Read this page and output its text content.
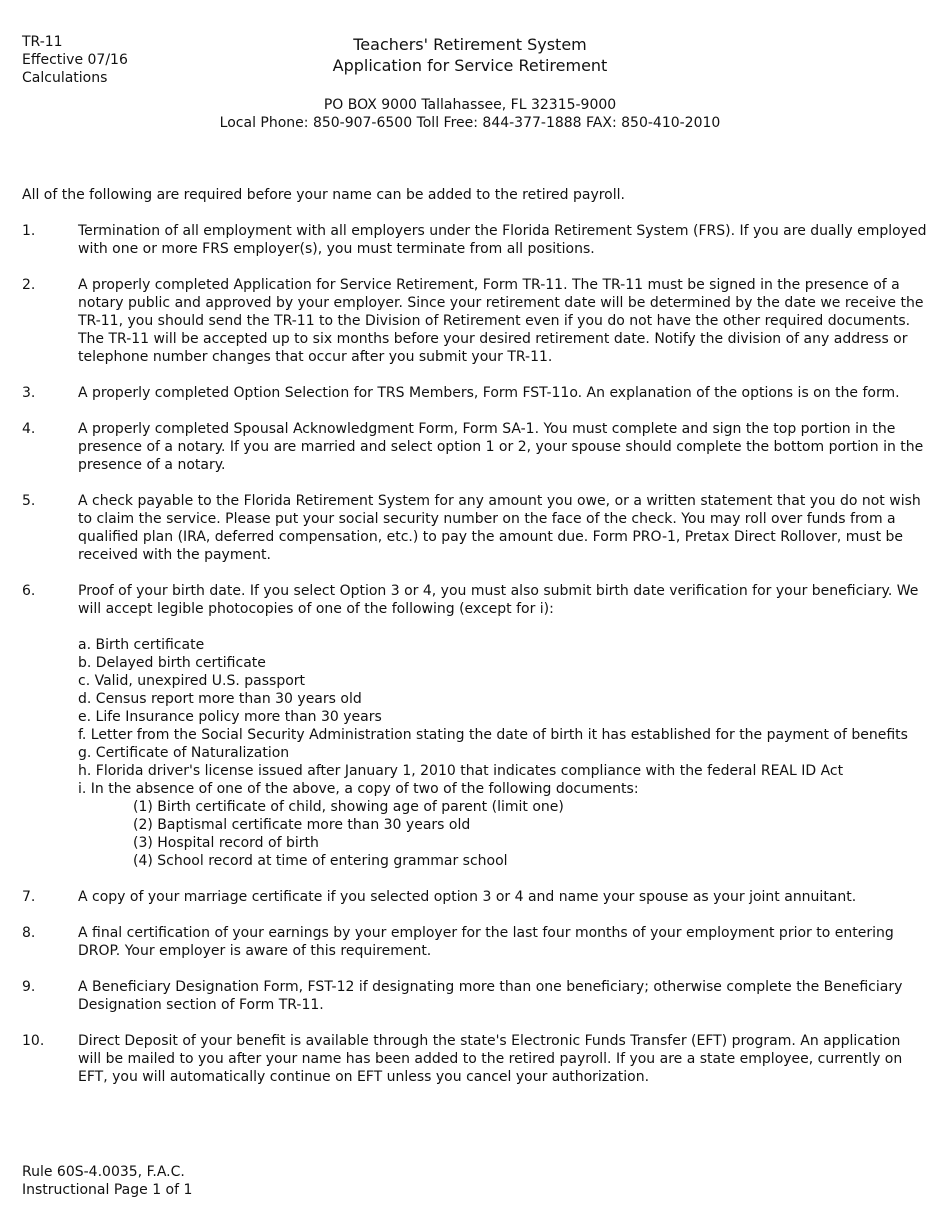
TR-11
Effective 07/16
Calculations
Teachers' Retirement System
Application for Service Retirement
PO BOX 9000 Tallahassee, FL 32315-9000
Local Phone: 850-907-6500 Toll Free: 844-377-1888 FAX: 850-410-2010
All of the following are required before your name can be added to the retired payroll.
1.	Termination of all employment with all employers under the Florida Retirement System (FRS). If you are dually employed with one or more FRS employer(s), you must terminate from all positions.
2.	A properly completed Application for Service Retirement, Form TR-11. The TR-11 must be signed in the presence of a notary public and approved by your employer. Since your retirement date will be determined by the date we receive the TR-11, you should send the TR-11 to the Division of Retirement even if you do not have the other required documents. The TR-11 will be accepted up to six months before your desired retirement date. Notify the division of any address or telephone number changes that occur after you submit your TR-11.
3.	A properly completed Option Selection for TRS Members, Form FST-11o. An explanation of the options is on the form.
4.	A properly completed Spousal Acknowledgment Form, Form SA-1. You must complete and sign the top portion in the presence of a notary. If you are married and select option 1 or 2, your spouse should complete the bottom portion in the presence of a notary.
5.	A check payable to the Florida Retirement System for any amount you owe, or a written statement that you do not wish to claim the service. Please put your social security number on the face of the check. You may roll over funds from a qualified plan (IRA, deferred compensation, etc.) to pay the amount due. Form PRO-1, Pretax Direct Rollover, must be received with the payment.
6.	Proof of your birth date. If you select Option 3 or 4, you must also submit birth date verification for your beneficiary. We will accept legible photocopies of one of the following (except for i):
a. Birth certificate
b. Delayed birth certificate
c. Valid, unexpired U.S. passport
d. Census report more than 30 years old
e. Life Insurance policy more than 30 years
f. Letter from the Social Security Administration stating the date of birth it has established for the payment of benefits
g. Certificate of Naturalization
h. Florida driver's license issued after January 1, 2010 that indicates compliance with the federal REAL ID Act
i. In the absence of one of the above, a copy of two of the following documents:
(1) Birth certificate of child, showing age of parent (limit one)
(2) Baptismal certificate more than 30 years old
(3) Hospital record of birth
(4) School record at time of entering grammar school
7.	A copy of your marriage certificate if you selected option 3 or 4 and name your spouse as your joint annuitant.
8.	A final certification of your earnings by your employer for the last four months of your employment prior to entering DROP. Your employer is aware of this requirement.
9.	A Beneficiary Designation Form, FST-12 if designating more than one beneficiary; otherwise complete the Beneficiary Designation section of Form TR-11.
10.	Direct Deposit of your benefit is available through the state's Electronic Funds Transfer (EFT) program. An application will be mailed to you after your name has been added to the retired payroll. If you are a state employee, currently on EFT, you will automatically continue on EFT unless you cancel your authorization.
Rule 60S-4.0035, F.A.C.
Instructional Page 1 of 1
